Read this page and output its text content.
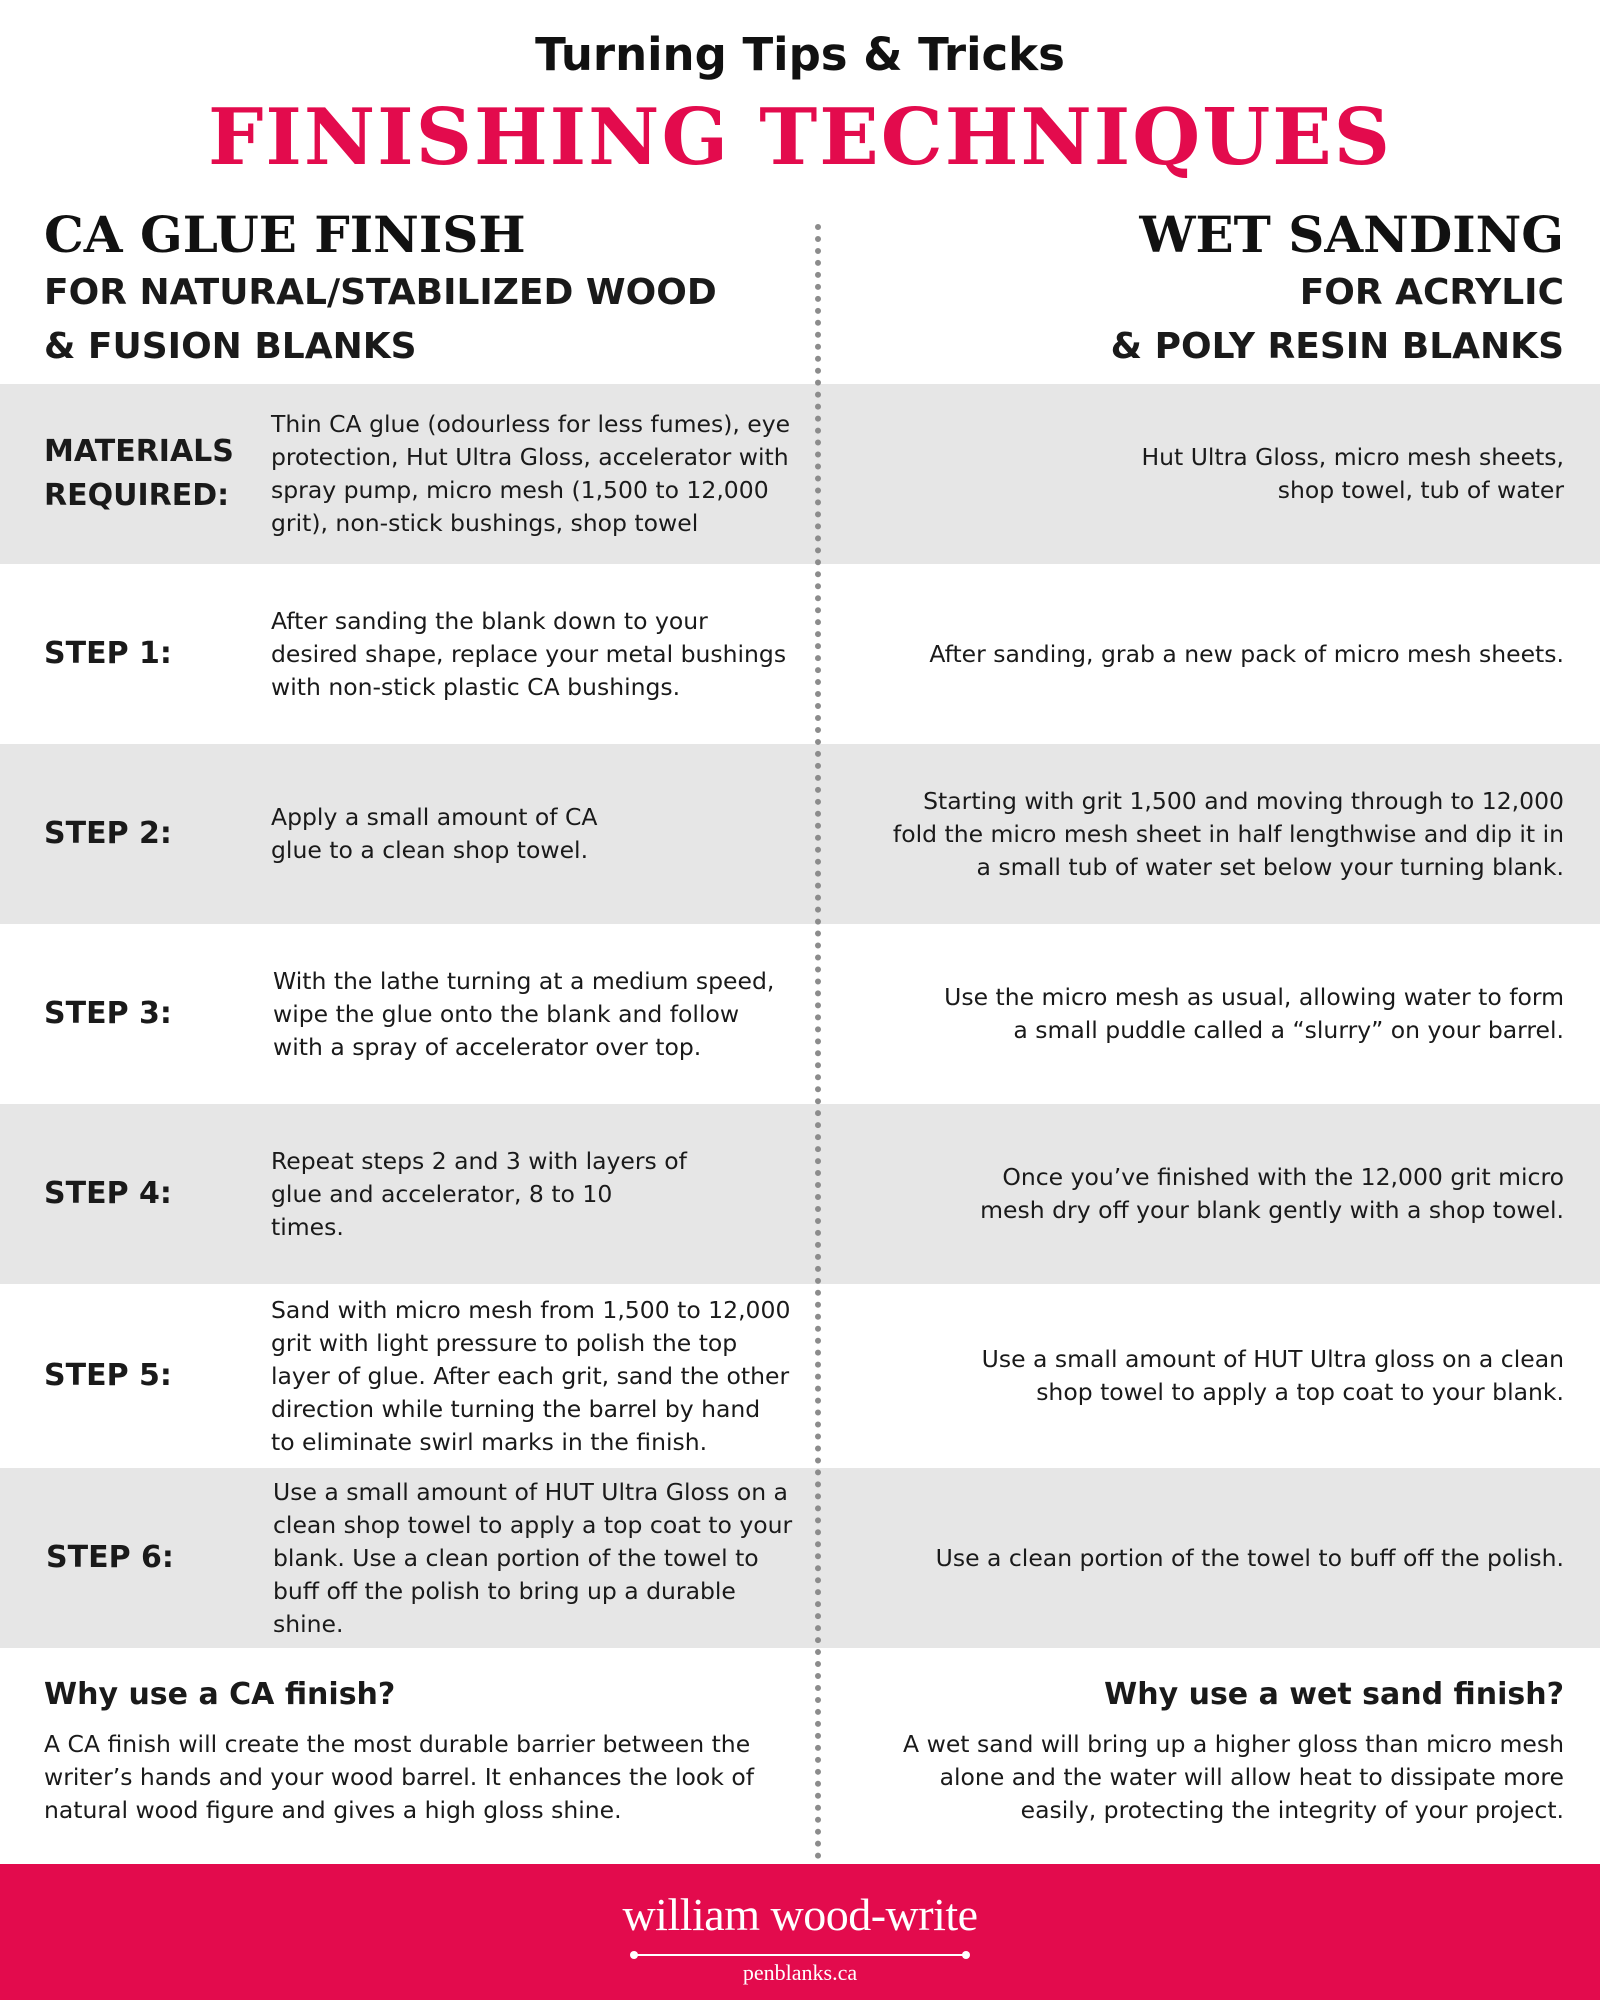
Turning Tips & Tricks
FINISHING TECHNIQUES
CA GLUE FINISH
FOR NATURAL/STABILIZED WOOD
& FUSION BLANKS
WET SANDING
FOR ACRYLIC
& POLY RESIN BLANKS
MATERIALS
REQUIRED:
Thin CA glue (odourless for less fumes), eye protection, Hut Ultra Gloss, accelerator with spray pump, micro mesh (1,500 to 12,000 grit), non-stick bushings, shop towel
Hut Ultra Gloss, micro mesh sheets, shop towel, tub of water
STEP 1:
After sanding the blank down to your desired shape, replace your metal bushings with non-stick plastic CA bushings.
After sanding, grab a new pack of micro mesh sheets.
STEP 2:	Apply a small amount of CA glue to a clean shop towel.
Starting with grit 1,500 and moving through to 12,000 fold the micro mesh sheet in half lengthwise and dip it in a small tub of water set below your turning blank.
STEP 3:
With the lathe turning at a medium speed, wipe the glue onto the blank and follow with a spray of accelerator over top.
Use the micro mesh as usual, allowing water to form a small puddle called a “slurry” on your barrel.
STEP 4:
Repeat steps 2 and 3 with layers of glue and accelerator, 8 to 10 times.
Once you’ve finished with the 12,000 grit micro mesh dry off your blank gently with a shop towel.
STEP 5:
Sand with micro mesh from 1,500 to 12,000 grit with light pressure to polish the top layer of glue. After each grit, sand the other direction while turning the barrel by hand to eliminate swirl marks in the finish.
Use a small amount of HUT Ultra gloss on a clean shop towel to apply a top coat to your blank.
STEP 6:
Use a small amount of HUT Ultra Gloss on a clean shop towel to apply a top coat to your blank. Use a clean portion of the towel to buff off the polish to bring up a durable shine.
Use a clean portion of the towel to buff off the polish.
Why use a CA finish?
A CA finish will create the most durable barrier between the writer’s hands and your wood barrel. It enhances the look of natural wood figure and gives a high gloss shine.
Why use a wet sand finish?
A wet sand will bring up a higher gloss than micro mesh alone and the water will allow heat to dissipate more easily, protecting the integrity of your project.
william wood-write
penblanks.ca
